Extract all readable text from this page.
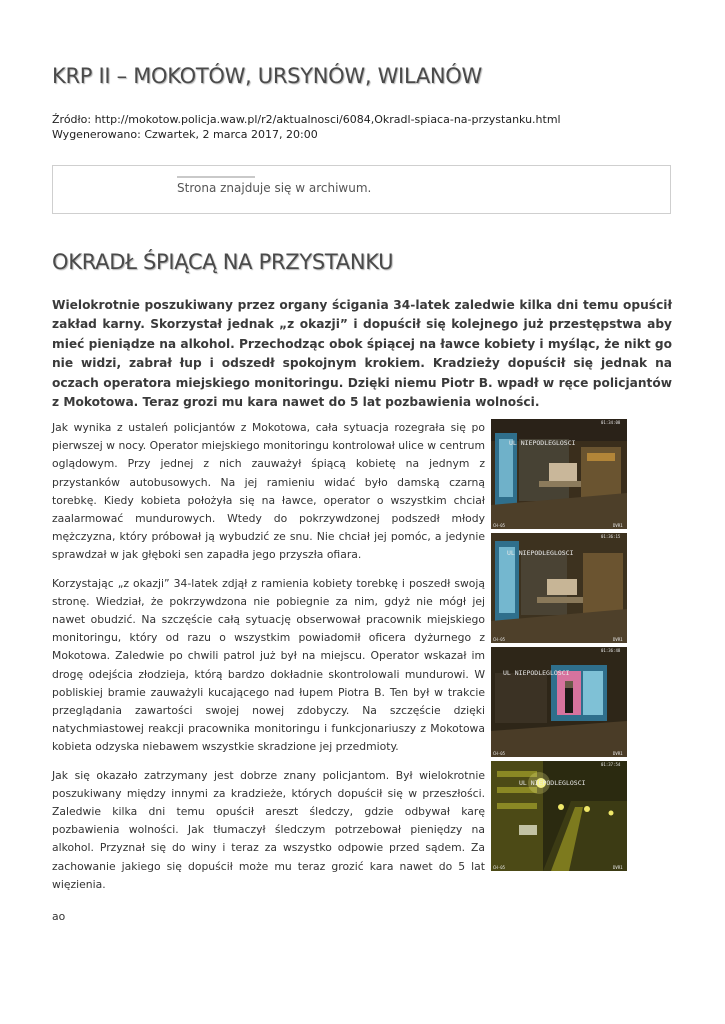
KRP II – MOKOTÓW, URSYNÓW, WILANÓW
Źródło: http://mokotow.policja.waw.pl/r2/aktualnosci/6084,Okradl-spiaca-na-przystanku.html
Wygenerowano: Czwartek, 2 marca 2017, 20:00
Strona znajduje się w archiwum.
OKRADŁ ŚPIĄCĄ NA PRZYSTANKU

Wielokrotnie poszukiwany przez organy ścigania 34-latek zaledwie kilka dni temu opuścił zakład karny. Skorzystał jednak „z okazji” i dopuścił się kolejnego już przestępstwa aby mieć pieniądze na alkohol. Przechodząc obok śpiącej na ławce kobiety i myśląc, że nikt go nie widzi, zabrał łup i odszedł spokojnym krokiem. Kradzieży dopuścił się jednak na oczach operatora miejskiego monitoringu. Dzięki niemu Piotr B. wpadł w ręce policjantów z Mokotowa. Teraz grozi mu kara nawet do 5 lat pozbawienia wolności.

Jak wynika z ustaleń policjantów z Mokotowa, cała sytuacja rozegrała się po pierwszej w nocy. Operator miejskiego monitoringu kontrolował ulice w centrum oglądowym. Przy jednej z nich zauważył śpiącą kobietę na jednym z przystanków autobusowych. Na jej ramieniu widać było damską czarną torebkę. Kiedy kobieta położyła się na ławce, operator o wszystkim chciał zaalarmować mundurowych. Wtedy do pokrzywdzonej podszedł młody mężczyzna, który próbował ją wybudzić ze snu. Nie chciał jej pomóc, a jedynie sprawdzał w jak głęboki sen zapadła jego przyszła ofiara.

Korzystając „z okazji” 34-latek zdjął z ramienia kobiety torebkę i poszedł swoją stronę. Wiedział, że pokrzywdzona nie pobiegnie za nim, gdyż nie mógł jej nawet obudzić. Na szczęście całą sytuację obserwował pracownik miejskiego monitoringu, który od razu o wszystkim powiadomił oficera dyżurnego z Mokotowa. Zaledwie po chwili patrol już był na miejscu. Operator wskazał im drogę odejścia złodzieja, którą bardzo dokładnie skontrolowali mundurowi. W pobliskiej bramie zauważyli kucającego nad łupem Piotra B. Ten był w trakcie przeglądania zawartości swojej nowej zdobyczy. Na szczęście dzięki natychmiastowej reakcji pracownika monitoringu i funkcjonariuszy z Mokotowa kobieta odzyska niebawem wszystkie skradzione jej przedmioty.

Jak się okazało zatrzymany jest dobrze znany policjantom. Był wielokrotnie poszukiwany między innymi za kradzieże, których dopuścił się w przeszłości. Zaledwie kilka dni temu opuścił areszt śledczy, gdzie odbywał karę pozbawienia wolności. Jak tłumaczył śledczym potrzebował pieniędzy na alkohol. Przyznał się do winy i teraz za wszystko odpowie przed sądem. Za zachowanie jakiego się dopuścił może mu teraz grozić kara nawet do 5 lat więzienia.

ao

UL NIEPODLEGLOSCI
01:34:08
CH-05	DVR1
UL NIEPODLEGLOSCI
01:36:15
CH-05	DVR1
UL NIEPODLEGLOSCI
01:36:48
CH-05	DVR1
UL NIEPODLEGLOSCI
01:37:54
CH-05	DVR1
